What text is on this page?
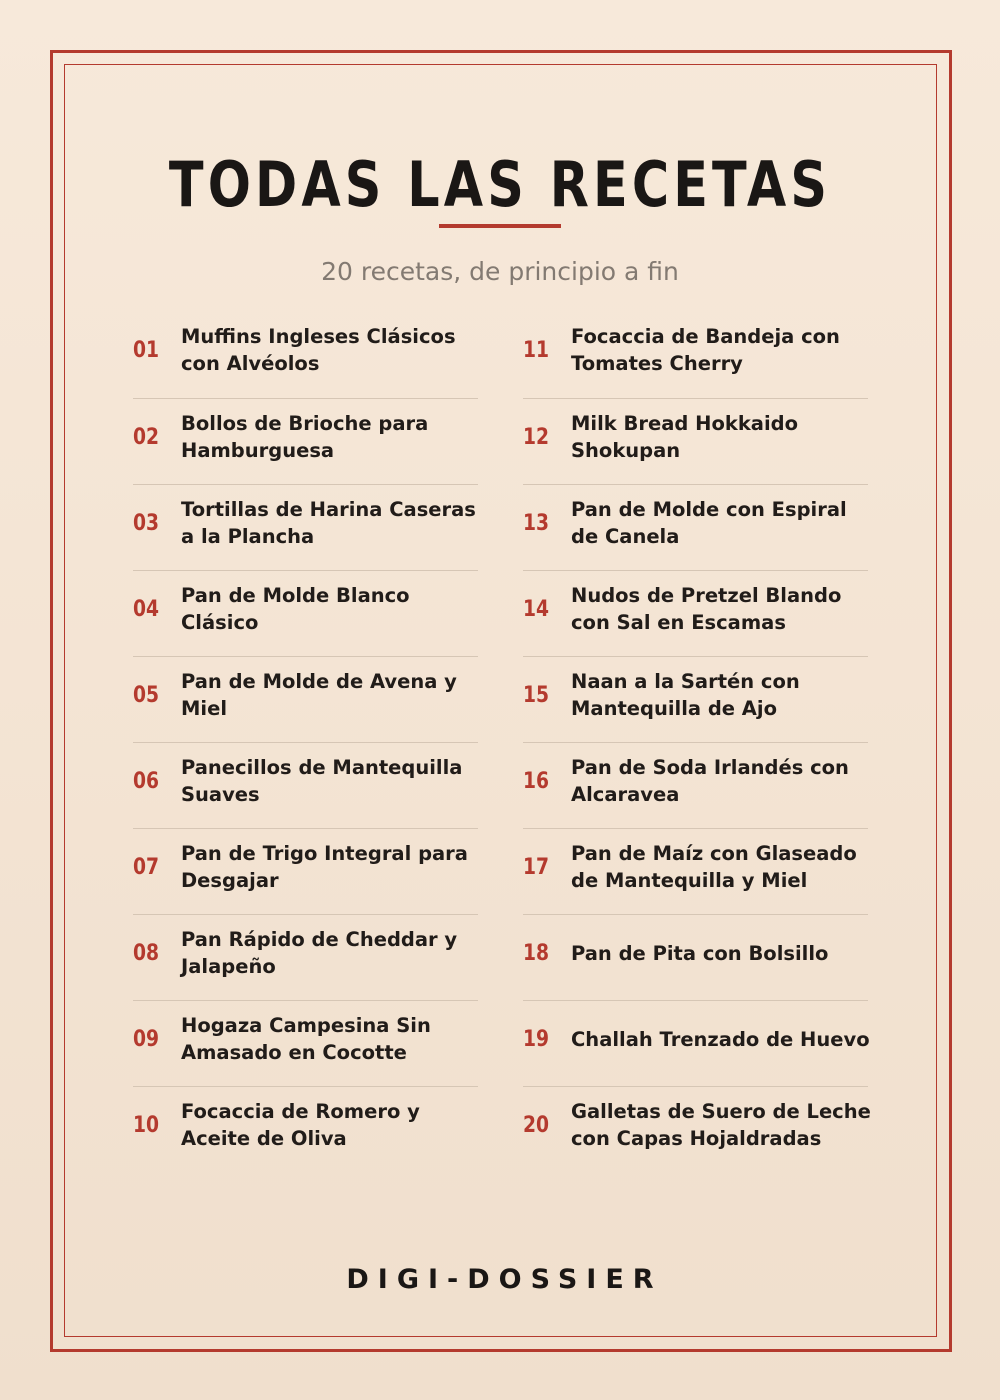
TODAS LAS RECETAS
20 recetas, de principio a fin
01
Muffins Ingleses Clásicos con Alvéolos
02
Bollos de Brioche para Hamburguesa
03
Tortillas de Harina Caseras a la Plancha
04
Pan de Molde Blanco Clásico
05
Pan de Molde de Avena y Miel
06
Panecillos de Mantequilla Suaves
07
Pan de Trigo Integral para Desgajar
08
Pan Rápido de Cheddar y Jalapeño
09
Hogaza Campesina Sin Amasado en Cocotte
10
Focaccia de Romero y Aceite de Oliva
11
Focaccia de Bandeja con Tomates Cherry
12
Milk Bread Hokkaido Shokupan
13
Pan de Molde con Espiral de Canela
14
Nudos de Pretzel Blando con Sal en Escamas
15
Naan a la Sartén con Mantequilla de Ajo
16
Pan de Soda Irlandés con Alcaravea
17
Pan de Maíz con Glaseado de Mantequilla y Miel
18 Pan de Pita con Bolsillo
19 Challah Trenzado de Huevo
20
Galletas de Suero de Leche con Capas Hojaldradas
DIGI-DOSSIER
